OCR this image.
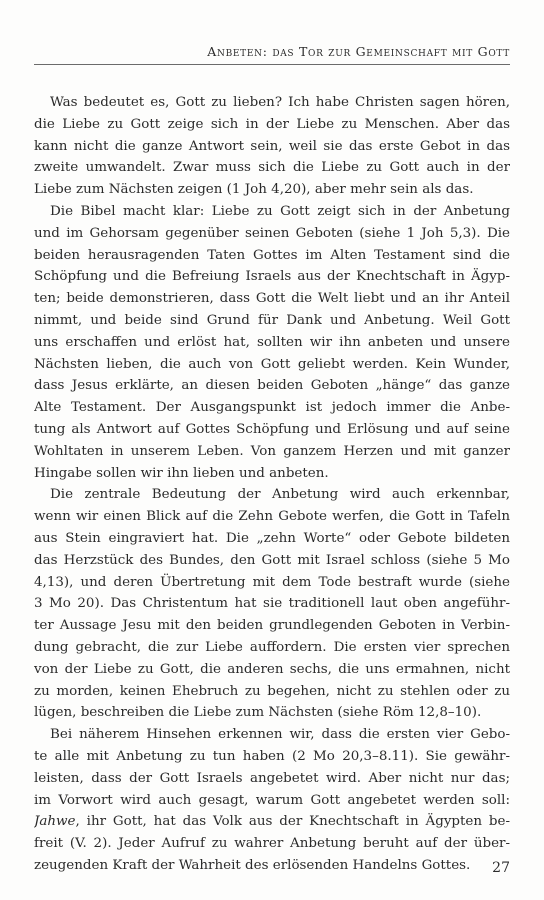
Anbeten: das Tor zur Gemeinschaft mit Gott
Was bedeutet es, Gott zu lieben? Ich habe Christen sagen hören,
die Liebe zu Gott zeige sich in der Liebe zu Menschen. Aber das
kann nicht die ganze Antwort sein, weil sie das erste Gebot in das
zweite umwandelt. Zwar muss sich die Liebe zu Gott auch in der
Liebe zum Nächsten zeigen (1 Joh 4,20), aber mehr sein als das.
Die Bibel macht klar: Liebe zu Gott zeigt sich in der Anbetung
und im Gehorsam gegenüber seinen Geboten (siehe 1 Joh 5,3). Die
beiden herausragenden Taten Gottes im Alten Testament sind die
Schöpfung und die Befreiung Israels aus der Knechtschaft in Ägyp-
ten; beide demonstrieren, dass Gott die Welt liebt und an ihr Anteil
nimmt, und beide sind Grund für Dank und Anbetung. Weil Gott
uns erschaffen und erlöst hat, sollten wir ihn anbeten und unsere
Nächsten lieben, die auch von Gott geliebt werden. Kein Wunder,
dass Jesus erklärte, an diesen beiden Geboten „hänge“ das ganze
Alte Testament. Der Ausgangspunkt ist jedoch immer die Anbe-
tung als Antwort auf Gottes Schöpfung und Erlösung und auf seine
Wohltaten in unserem Leben. Von ganzem Herzen und mit ganzer
Hingabe sollen wir ihn lieben und anbeten.
Die zentrale Bedeutung der Anbetung wird auch erkennbar,
wenn wir einen Blick auf die Zehn Gebote werfen, die Gott in Tafeln
aus Stein eingraviert hat. Die „zehn Worte“ oder Gebote bildeten
das Herzstück des Bundes, den Gott mit Israel schloss (siehe 5 Mo
4,13), und deren Übertretung mit dem Tode bestraft wurde (siehe
3 Mo 20). Das Christentum hat sie traditionell laut oben angeführ-
ter Aussage Jesu mit den beiden grundlegenden Geboten in Verbin-
dung gebracht, die zur Liebe auffordern. Die ersten vier sprechen
von der Liebe zu Gott, die anderen sechs, die uns ermahnen, nicht
zu morden, keinen Ehebruch zu begehen, nicht zu stehlen oder zu
lügen, beschreiben die Liebe zum Nächsten (siehe Röm 12,8–10).
Bei näherem Hinsehen erkennen wir, dass die ersten vier Gebo-
te alle mit Anbetung zu tun haben (2 Mo 20,3–8.11). Sie gewähr-
leisten, dass der Gott Israels angebetet wird. Aber nicht nur das;
im Vorwort wird auch gesagt, warum Gott angebetet werden soll:
Jahwe, ihr Gott, hat das Volk aus der Knechtschaft in Ägypten be-
freit (V. 2). Jeder Aufruf zu wahrer Anbetung beruht auf der über-
zeugenden Kraft der Wahrheit des erlösenden Handelns Gottes.	27
